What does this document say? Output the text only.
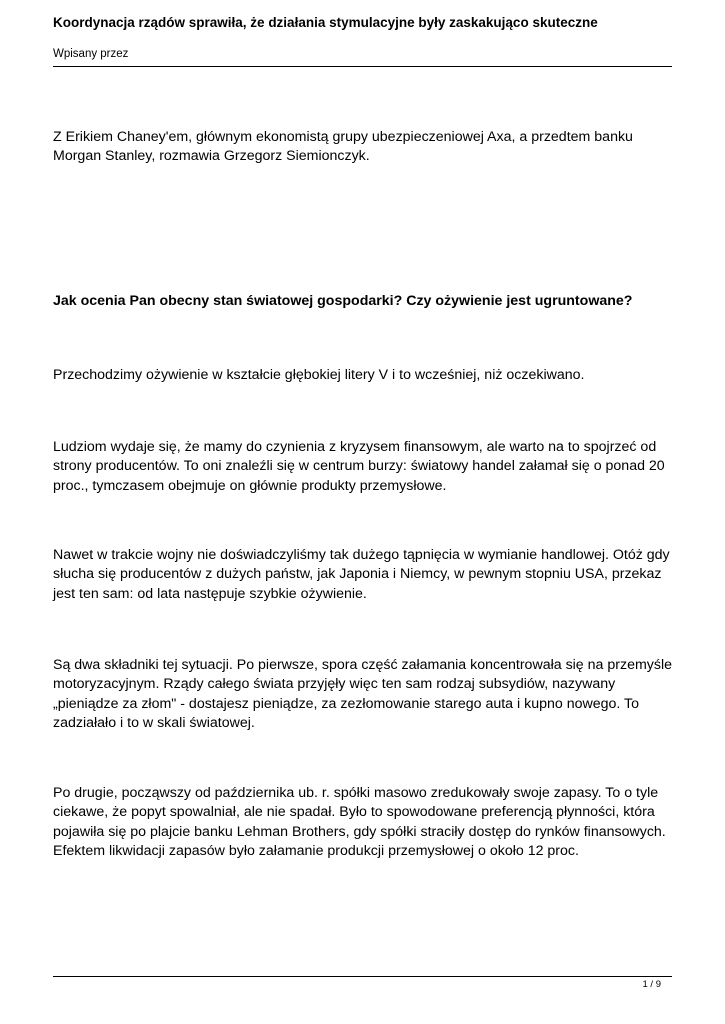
Koordynacja rządów sprawiła, że działania stymulacyjne były zaskakująco skuteczne
Wpisany przez

Z Erikiem Chaney'em, głównym ekonomistą grupy ubezpieczeniowej Axa, a przedtem banku Morgan Stanley, rozmawia Grzegorz Siemionczyk.

Jak ocenia Pan obecny stan światowej gospodarki? Czy ożywienie jest ugruntowane?

Przechodzimy ożywienie w kształcie głębokiej litery V i to wcześniej, niż oczekiwano.

Ludziom wydaje się, że mamy do czynienia z kryzysem finansowym, ale warto na to spojrzeć od strony producentów. To oni znaleźli się w centrum burzy: światowy handel załamał się o ponad 20 proc., tymczasem obejmuje on głównie produkty przemysłowe.

Nawet w trakcie wojny nie doświadczyliśmy tak dużego tąpnięcia w wymianie handlowej. Otóż gdy słucha się producentów z dużych państw, jak Japonia i Niemcy, w pewnym stopniu USA, przekaz jest ten sam: od lata następuje szybkie ożywienie.

Są dwa składniki tej sytuacji. Po pierwsze, spora część załamania koncentrowała się na przemyśle motoryzacyjnym. Rządy całego świata przyjęły więc ten sam rodzaj subsydiów, nazywany „pieniądze za złom" - dostajesz pieniądze, za zezłomowanie starego auta i kupno nowego. To zadziałało i to w skali światowej.

Po drugie, począwszy od października ub. r. spółki masowo zredukowały swoje zapasy. To o tyle ciekawe, że popyt spowalniał, ale nie spadał. Było to spowodowane preferencją płynności, która pojawiła się po plajcie banku Lehman Brothers, gdy spółki straciły dostęp do rynków finansowych. Efektem likwidacji zapasów było załamanie produkcji przemysłowej o około 12 proc.

1 / 9
